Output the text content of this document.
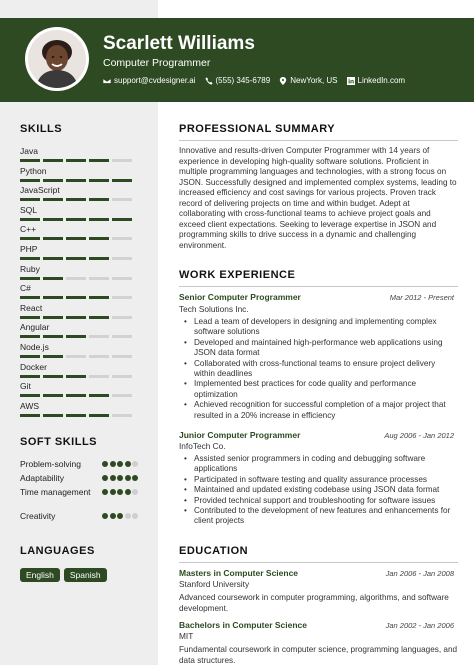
Scarlett Williams
Computer Programmer
support@cvdesigner.ai	(555) 345-6789	NewYork, US	LinkedIn.com
SKILLS
Java
Python
JavaScript
SQL
C++
PHP
Ruby
C#
React
Angular
Node.js
Docker
Git
AWS
SOFT SKILLS
Problem-solving
Adaptability
Time management
Creativity
LANGUAGES
English	Spanish
PROFESSIONAL SUMMARY
Innovative and results-driven Computer Programmer with 14 years of experience in developing high-quality software solutions. Proficient in multiple programming languages and technologies, with a strong focus on JSON. Successfully designed and implemented complex systems, leading to increased efficiency and cost savings for various projects. Proven track record of delivering projects on time and within budget. Adept at collaborating with cross-functional teams to achieve project goals and exceed client expectations. Seeking to leverage expertise in JSON and programming skills to drive success in a dynamic and challenging environment.
WORK EXPERIENCE
Senior Computer Programmer	Mar 2012 - Present
Tech Solutions Inc.
• Lead a team of developers in designing and implementing complex software solutions
• Developed and maintained high-performance web applications using JSON data format
• Collaborated with cross-functional teams to ensure project delivery within deadlines
• Implemented best practices for code quality and performance optimization
• Achieved recognition for successful completion of a major project that resulted in a 20% increase in efficiency
Junior Computer Programmer	Aug 2006 - Jan 2012
InfoTech Co.
• Assisted senior programmers in coding and debugging software applications
• Participated in software testing and quality assurance processes
• Maintained and updated existing codebase using JSON data format
• Provided technical support and troubleshooting for software issues
• Contributed to the development of new features and enhancements for client projects
EDUCATION
Masters in Computer Science	Jan 2006 - Jan 2008
Stanford University
Advanced coursework in computer programming, algorithms, and software development.
Bachelors in Computer Science	Jan 2002 - Jan 2006
MIT
Fundamental coursework in computer science, programming languages, and data structures.
